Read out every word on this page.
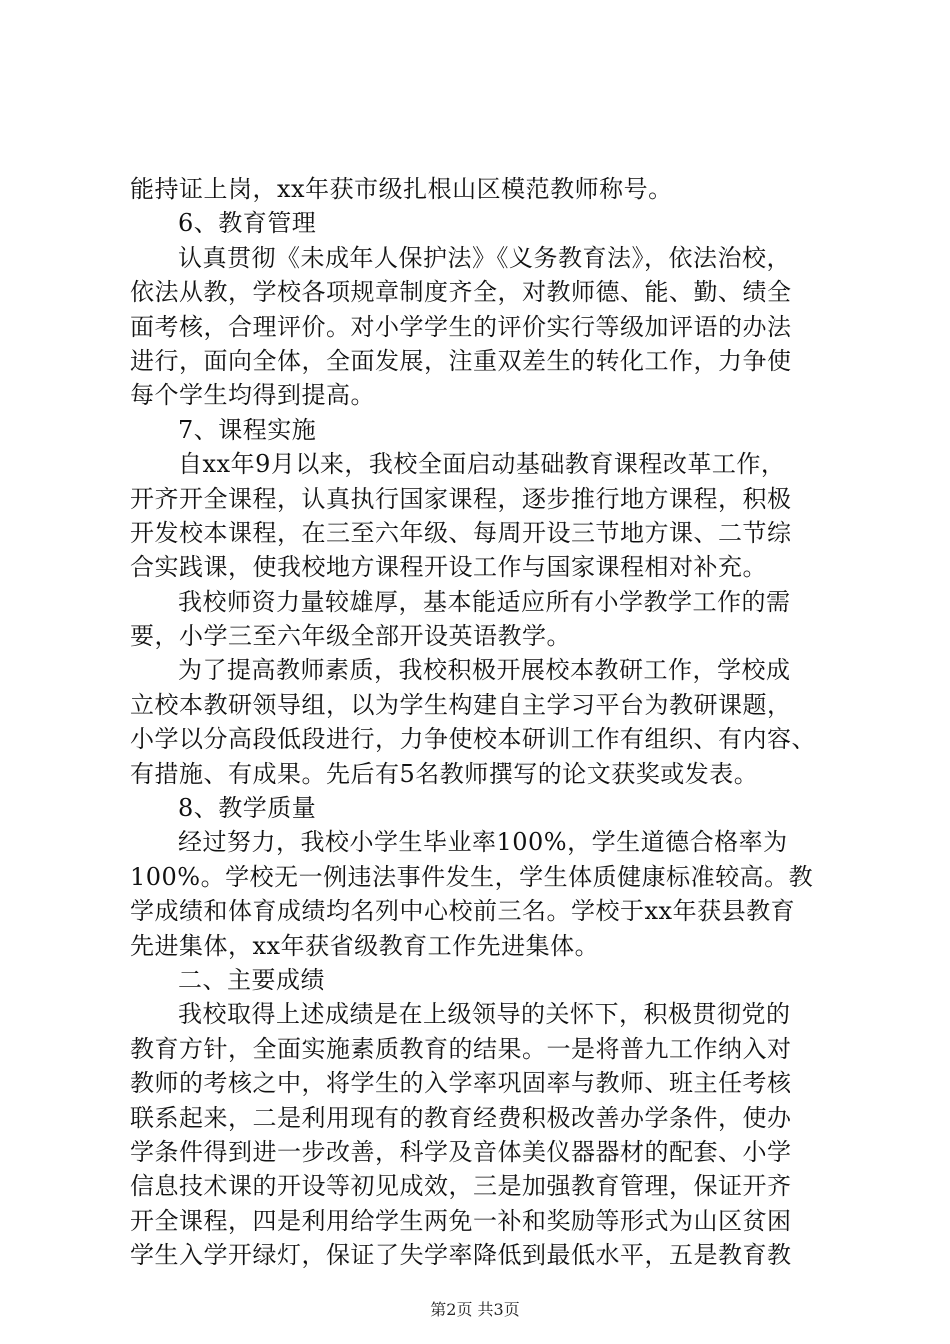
能持证上岗，xx年获市级扎根山区模范教师称号。
6、教育管理
认真贯彻《未成年人保护法》《义务教育法》，依法治校，
依法从教，学校各项规章制度齐全，对教师德、能、勤、绩全
面考核，合理评价。对小学学生的评价实行等级加评语的办法
进行，面向全体，全面发展，注重双差生的转化工作，力争使
每个学生均得到提高。
7、课程实施
自xx年9月以来，我校全面启动基础教育课程改革工作，
开齐开全课程，认真执行国家课程，逐步推行地方课程，积极
开发校本课程，在三至六年级、每周开设三节地方课、二节综
合实践课，使我校地方课程开设工作与国家课程相对补充。
我校师资力量较雄厚，基本能适应所有小学教学工作的需
要，小学三至六年级全部开设英语教学。
为了提高教师素质，我校积极开展校本教研工作，学校成
立校本教研领导组，以为学生构建自主学习平台为教研课题，
小学以分高段低段进行，力争使校本研训工作有组织、有内容、
有措施、有成果。先后有5名教师撰写的论文获奖或发表。
8、教学质量
经过努力，我校小学生毕业率100%，学生道德合格率为
100%。学校无一例违法事件发生，学生体质健康标准较高。教
学成绩和体育成绩均名列中心校前三名。学校于xx年获县教育
先进集体，xx年获省级教育工作先进集体。
二、主要成绩
我校取得上述成绩是在上级领导的关怀下，积极贯彻党的
教育方针，全面实施素质教育的结果。一是将普九工作纳入对
教师的考核之中，将学生的入学率巩固率与教师、班主任考核
联系起来，二是利用现有的教育经费积极改善办学条件，使办
学条件得到进一步改善，科学及音体美仪器器材的配套、小学
信息技术课的开设等初见成效，三是加强教育管理，保证开齐
开全课程，四是利用给学生两免一补和奖励等形式为山区贫困
学生入学开绿灯，保证了失学率降低到最低水平，五是教育教
第2页 共3页
